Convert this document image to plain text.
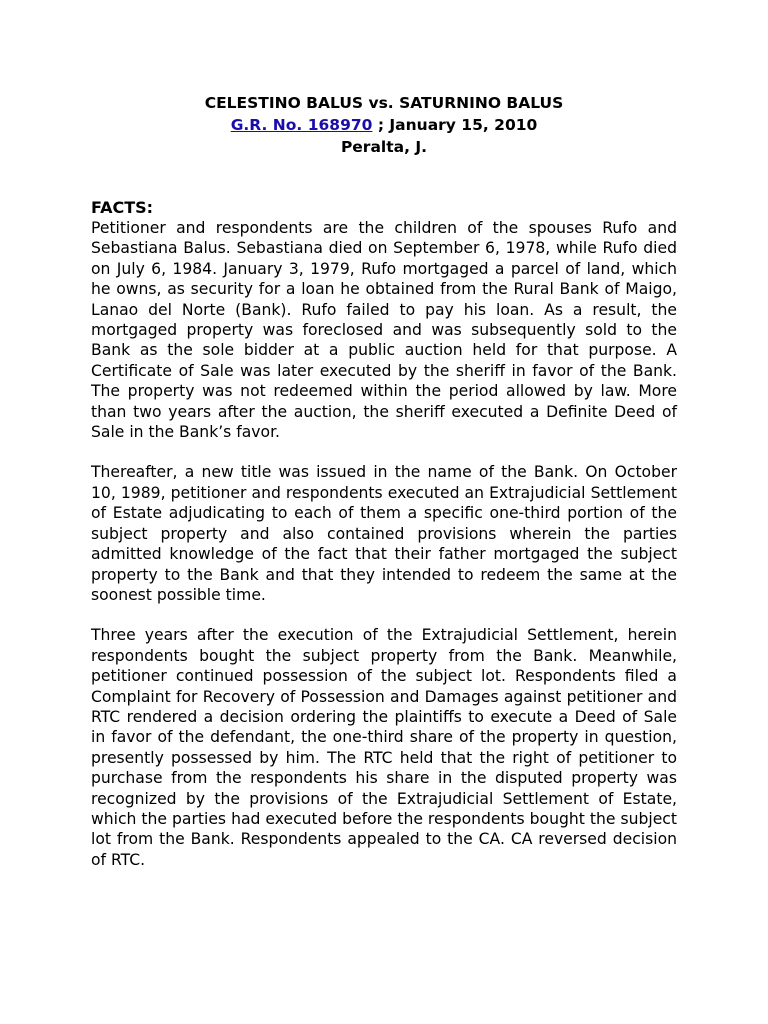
CELESTINO BALUS vs. SATURNINO BALUS
G.R. No. 168970 ; January 15, 2010
Peralta, J.
FACTS:

Petitioner and respondents are the children of the spouses Rufo and Sebastiana Balus. Sebastiana died on September 6, 1978, while Rufo died on July 6, 1984. January 3, 1979, Rufo mortgaged a parcel of land, which he owns, as security for a loan he obtained from the Rural Bank of Maigo, Lanao del Norte (Bank). Rufo failed to pay his loan. As a result, the mortgaged property was foreclosed and was subsequently sold to the Bank as the sole bidder at a public auction held for that purpose. A Certificate of Sale was later executed by the sheriff in favor of the Bank. The property was not redeemed within the period allowed by law. More than two years after the auction, the sheriff executed a Definite Deed of Sale in the Bank’s favor.

Thereafter, a new title was issued in the name of the Bank. On October 10, 1989, petitioner and respondents executed an Extrajudicial Settlement of Estate adjudicating to each of them a specific one-third portion of the subject property and also contained provisions wherein the parties admitted knowledge of the fact that their father mortgaged the subject property to the Bank and that they intended to redeem the same at the soonest possible time.

Three years after the execution of the Extrajudicial Settlement, herein respondents bought the subject property from the Bank. Meanwhile, petitioner continued possession of the subject lot. Respondents filed a Complaint for Recovery of Possession and Damages against petitioner and RTC rendered a decision ordering the plaintiffs to execute a Deed of Sale in favor of the defendant, the one-third share of the property in question, presently possessed by him. The RTC held that the right of petitioner to purchase from the respondents his share in the disputed property was recognized by the provisions of the Extrajudicial Settlement of Estate, which the parties had executed before the respondents bought the subject lot from the Bank. Respondents appealed to the CA. CA reversed decision of RTC.
